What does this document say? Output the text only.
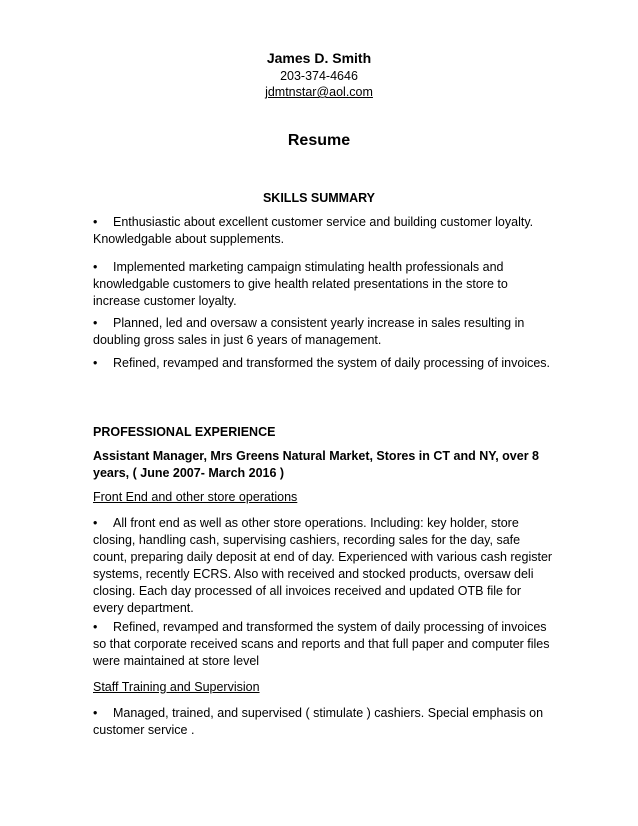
James D. Smith
203-374-4646
jdmtnstar@aol.com
Resume
SKILLS SUMMARY
• Enthusiastic about excellent customer service and building customer loyalty. Knowledgable about supplements.
• Implemented marketing campaign stimulating health professionals and knowledgable customers to give health related presentations in the store to increase customer loyalty.
• Planned, led and oversaw a consistent yearly increase in sales resulting in doubling gross sales in just 6 years of management.
• Refined, revamped and transformed the system of daily processing of invoices.
PROFESSIONAL EXPERIENCE
Assistant Manager, Mrs Greens Natural Market, Stores in CT and NY, over 8 years, ( June 2007- March 2016 )
Front End and other store operations
• All front end as well as other store operations. Including: key holder, store closing, handling cash, supervising cashiers, recording sales for the day, safe count, preparing daily deposit at end of day. Experienced with various cash register systems, recently ECRS. Also with received and stocked products, oversaw deli closing. Each day processed of all invoices received and updated OTB file for every department.
• Refined, revamped and transformed the system of daily processing of invoices so that corporate received scans and reports and that full paper and computer files were maintained at store level
Staff Training and Supervision
• Managed, trained, and supervised ( stimulate ) cashiers. Special emphasis on customer service .
